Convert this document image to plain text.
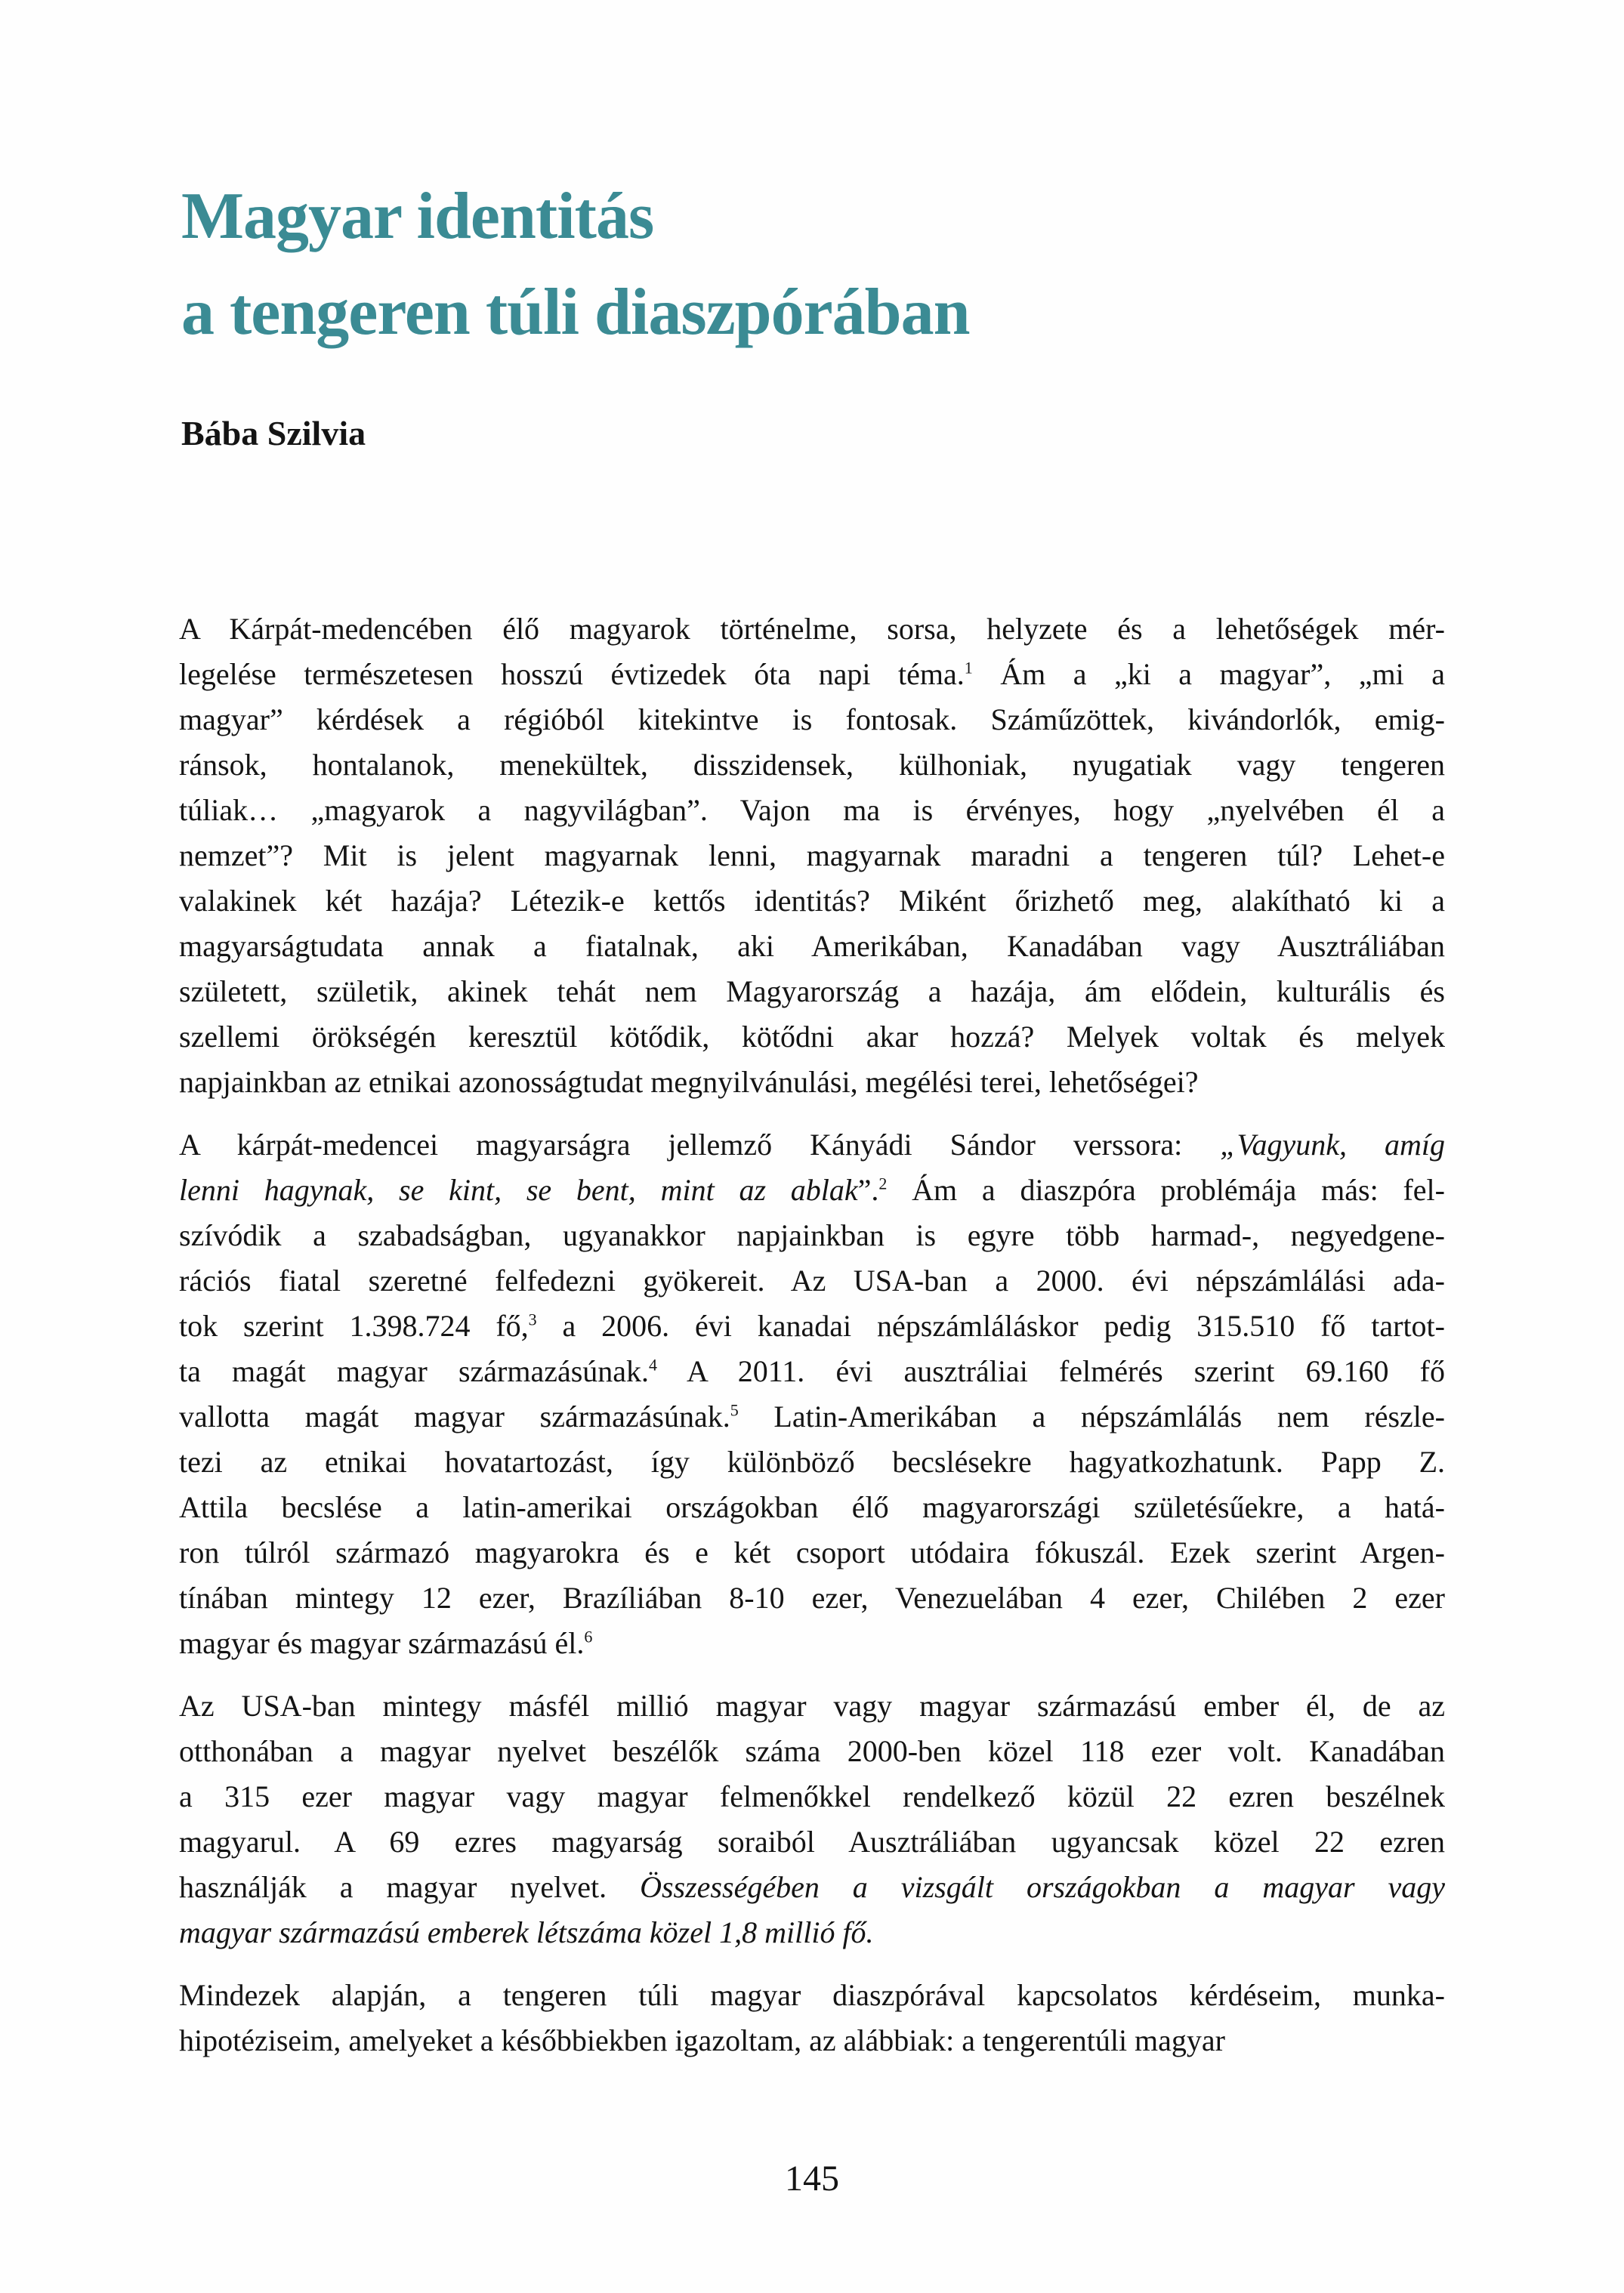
Magyar identitás
a tengeren túli diaszpórában
Bába Szilvia
A Kárpát-medencében élő magyarok történelme, sorsa, helyzete és a lehetőségek mér-
legelése természetesen hosszú évtizedek óta napi téma.$^1$ Ám a „ki a magyar”, „mi a
magyar” kérdések a régióból kitekintve is fontosak. Száműzöttek, kivándorlók, emig-
ránsok, hontalanok, menekültek, disszidensek, külhoniak, nyugatiak vagy tengeren
túliak… „magyarok a nagyvilágban”. Vajon ma is érvényes, hogy „nyelvében él a
nemzet”? Mit is jelent magyarnak lenni, magyarnak maradni a tengeren túl? Lehet-e
valakinek két hazája? Létezik-e kettős identitás? Miként őrizhető meg, alakítható ki a
magyarságtudata annak a fiatalnak, aki Amerikában, Kanadában vagy Ausztráliában
született, születik, akinek tehát nem Magyarország a hazája, ám elődein, kulturális és
szellemi örökségén keresztül kötődik, kötődni akar hozzá? Melyek voltak és melyek
napjainkban az etnikai azonosságtudat megnyilvánulási, megélési terei, lehetőségei?
A kárpát-medencei magyarságra jellemző Kányádi Sándor verssora: „Vagyunk, amíg
lenni hagynak, se kint, se bent, mint az ablak”.$^2$ Ám a diaszpóra problémája más: fel-
szívódik a szabadságban, ugyanakkor napjainkban is egyre több harmad-, negyedgene-
rációs fiatal szeretné felfedezni gyökereit. Az USA-ban a 2000. évi népszámlálási ada-
tok szerint 1.398.724 fő,$^3$ a 2006. évi kanadai népszámláláskor pedig 315.510 fő tartot-
ta magát magyar származásúnak.$^4$ A 2011. évi ausztráliai felmérés szerint 69.160 fő
vallotta magát magyar származásúnak.$^5$ Latin-Amerikában a népszámlálás nem részle-
tezi az etnikai hovatartozást, így különböző becslésekre hagyatkozhatunk. Papp Z.
Attila becslése a latin-amerikai országokban élő magyarországi születésűekre, a hatá-
ron túlról származó magyarokra és e két csoport utódaira fókuszál. Ezek szerint Argen-
tínában mintegy 12 ezer, Brazíliában 8-10 ezer, Venezuelában 4 ezer, Chilében 2 ezer
magyar és magyar származású él.$^6$
Az USA-ban mintegy másfél millió magyar vagy magyar származású ember él, de az
otthonában a magyar nyelvet beszélők száma 2000-ben közel 118 ezer volt. Kanadában
a 315 ezer magyar vagy magyar felmenőkkel rendelkező közül 22 ezren beszélnek
magyarul. A 69 ezres magyarság soraiból Ausztráliában ugyancsak közel 22 ezren
használják a magyar nyelvet. Összességében a vizsgált országokban a magyar vagy
magyar származású emberek létszáma közel 1,8 millió fő.
Mindezek alapján, a tengeren túli magyar diaszpórával kapcsolatos kérdéseim, munka-
hipotéziseim, amelyeket a későbbiekben igazoltam, az alábbiak: a tengerentúli magyar
145
